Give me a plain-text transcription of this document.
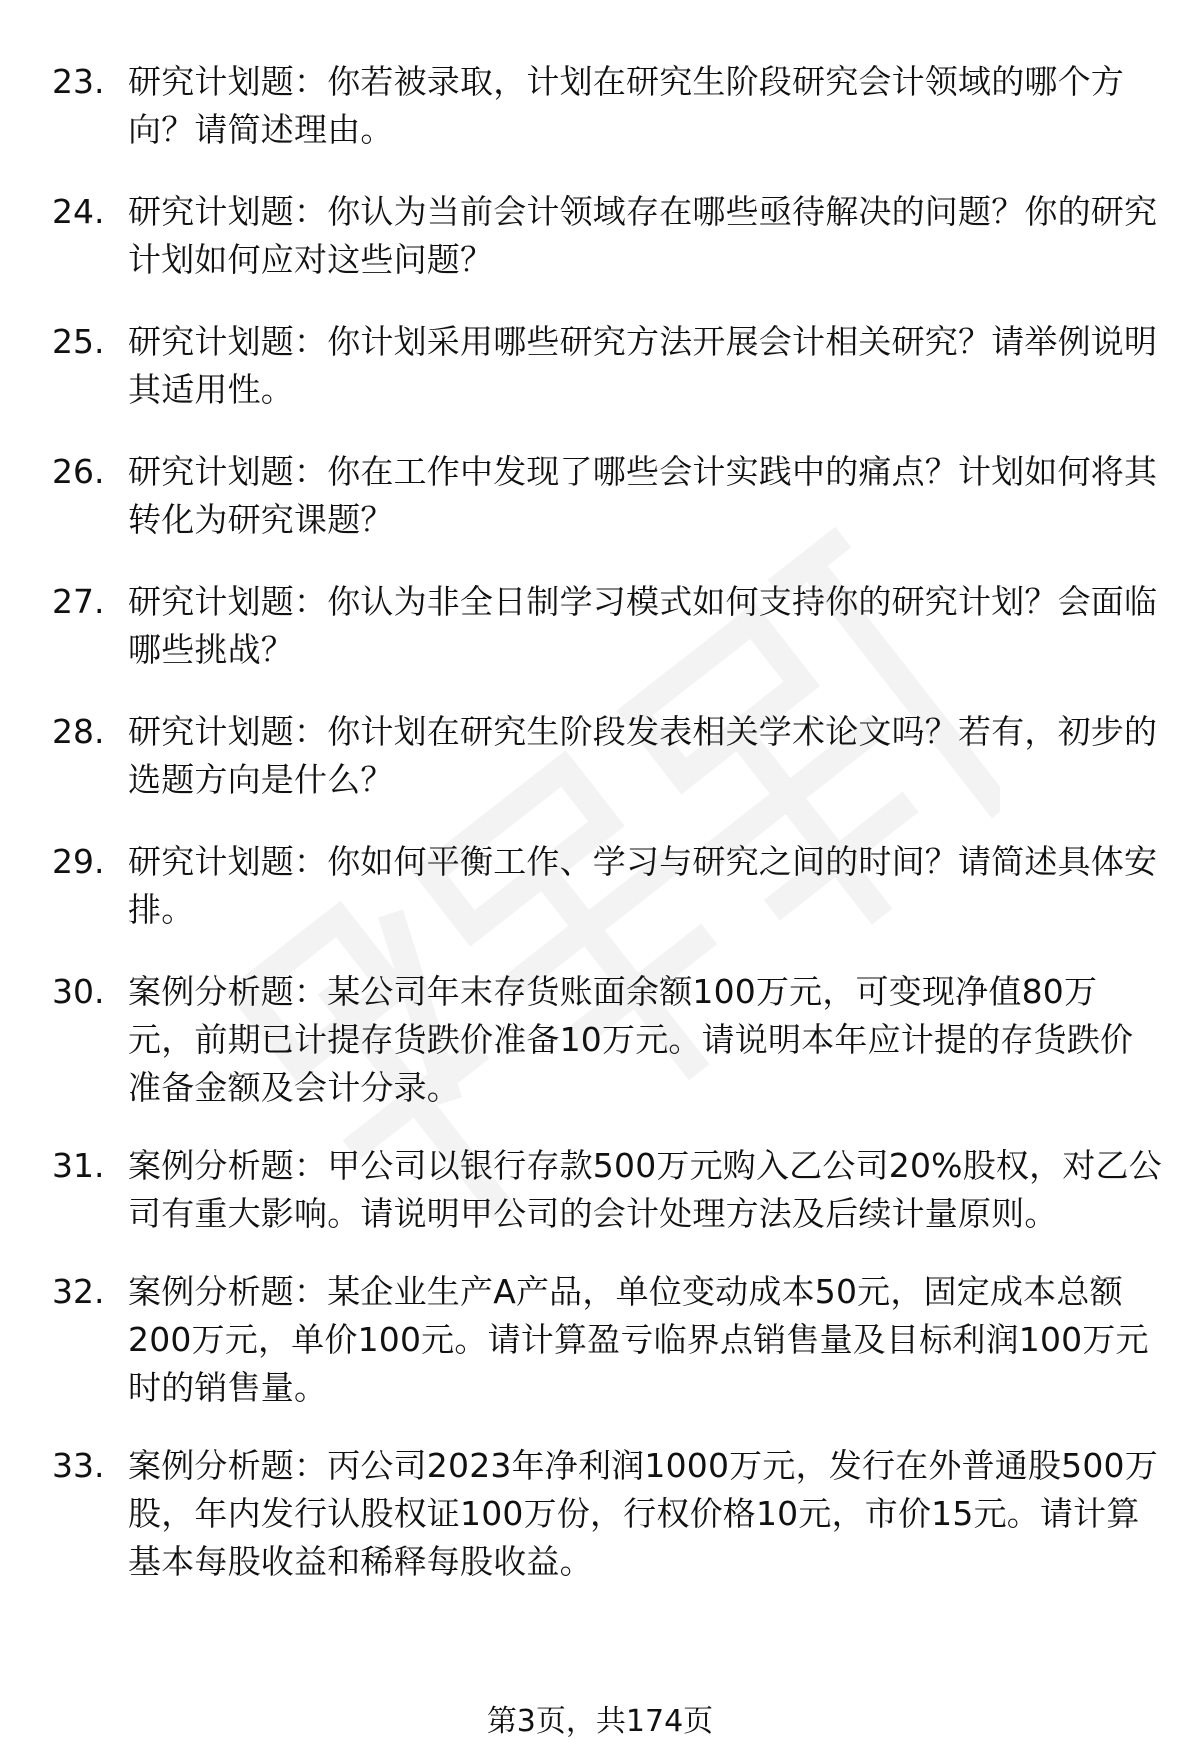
23. 研究计划题：你若被录取，计划在研究生阶段研究会计领域的哪个方向？请简述理由。
24. 研究计划题：你认为当前会计领域存在哪些亟待解决的问题？你的研究计划如何应对这些问题？
25. 研究计划题：你计划采用哪些研究方法开展会计相关研究？请举例说明其适用性。
26. 研究计划题：你在工作中发现了哪些会计实践中的痛点？计划如何将其转化为研究课题？
27. 研究计划题：你认为非全日制学习模式如何支持你的研究计划？会面临哪些挑战？
28. 研究计划题：你计划在研究生阶段发表相关学术论文吗？若有，初步的选题方向是什么？
29. 研究计划题：你如何平衡工作、学习与研究之间的时间？请简述具体安排。
30. 案例分析题：某公司年末存货账面余额100万元，可变现净值80万元，前期已计提存货跌价准备10万元。请说明本年应计提的存货跌价准备金额及会计分录。
31. 案例分析题：甲公司以银行存款500万元购入乙公司20%股权，对乙公司有重大影响。请说明甲公司的会计处理方法及后续计量原则。
32. 案例分析题：某企业生产A产品，单位变动成本50元，固定成本总额200万元，单价100元。请计算盈亏临界点销售量及目标利润100万元时的销售量。
33. 案例分析题：丙公司2023年净利润1000万元，发行在外普通股500万股，年内发行认股权证100万份，行权价格10元，市价15元。请计算基本每股收益和稀释每股收益。
第3页，共174页
